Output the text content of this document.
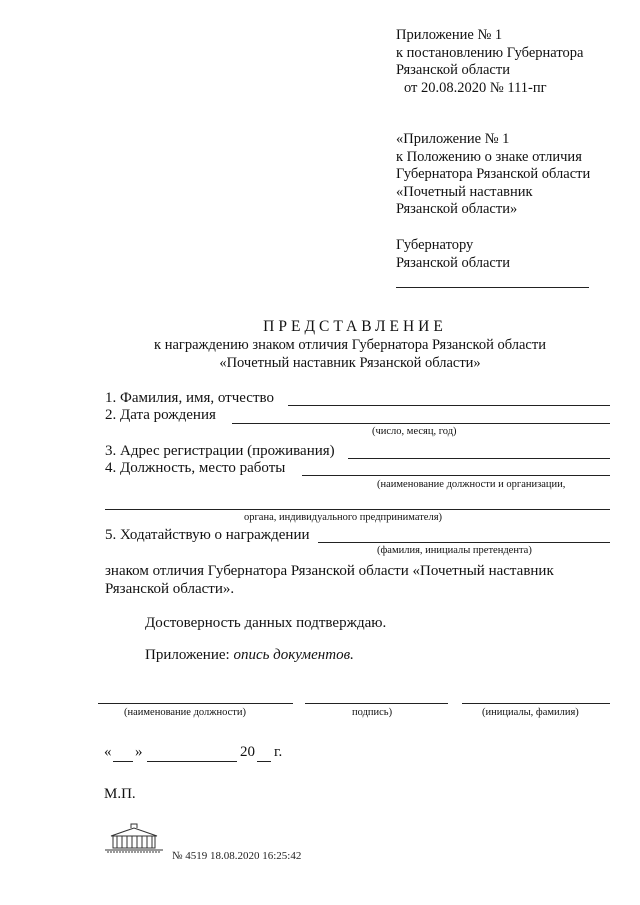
Приложение № 1
к постановлению Губернатора
Рязанской области
от 20.08.2020 № 111-пг
«Приложение № 1
к Положению о знаке отличия
Губернатора Рязанской области
«Почетный наставник
Рязанской области»
Губернатору
Рязанской области
ПРЕДСТАВЛЕНИЕ
к награждению знаком отличия Губернатора Рязанской области
«Почетный наставник Рязанской области»
1. Фамилия, имя, отчество
2. Дата рождения
(число, месяц, год)
3. Адрес регистрации (проживания)
4. Должность, место работы
(наименование должности и организации,
органа, индивидуального предпринимателя)
5. Ходатайствую о награждении
(фамилия, инициалы претендента)
знаком отличия Губернатора Рязанской области «Почетный наставник
Рязанской области».
Достоверность данных подтверждаю.
Приложение: опись документов.
(наименование должности)	подпись)	(инициалы, фамилия)
« »	20 г.
М.П.
№ 4519 18.08.2020 16:25:42
